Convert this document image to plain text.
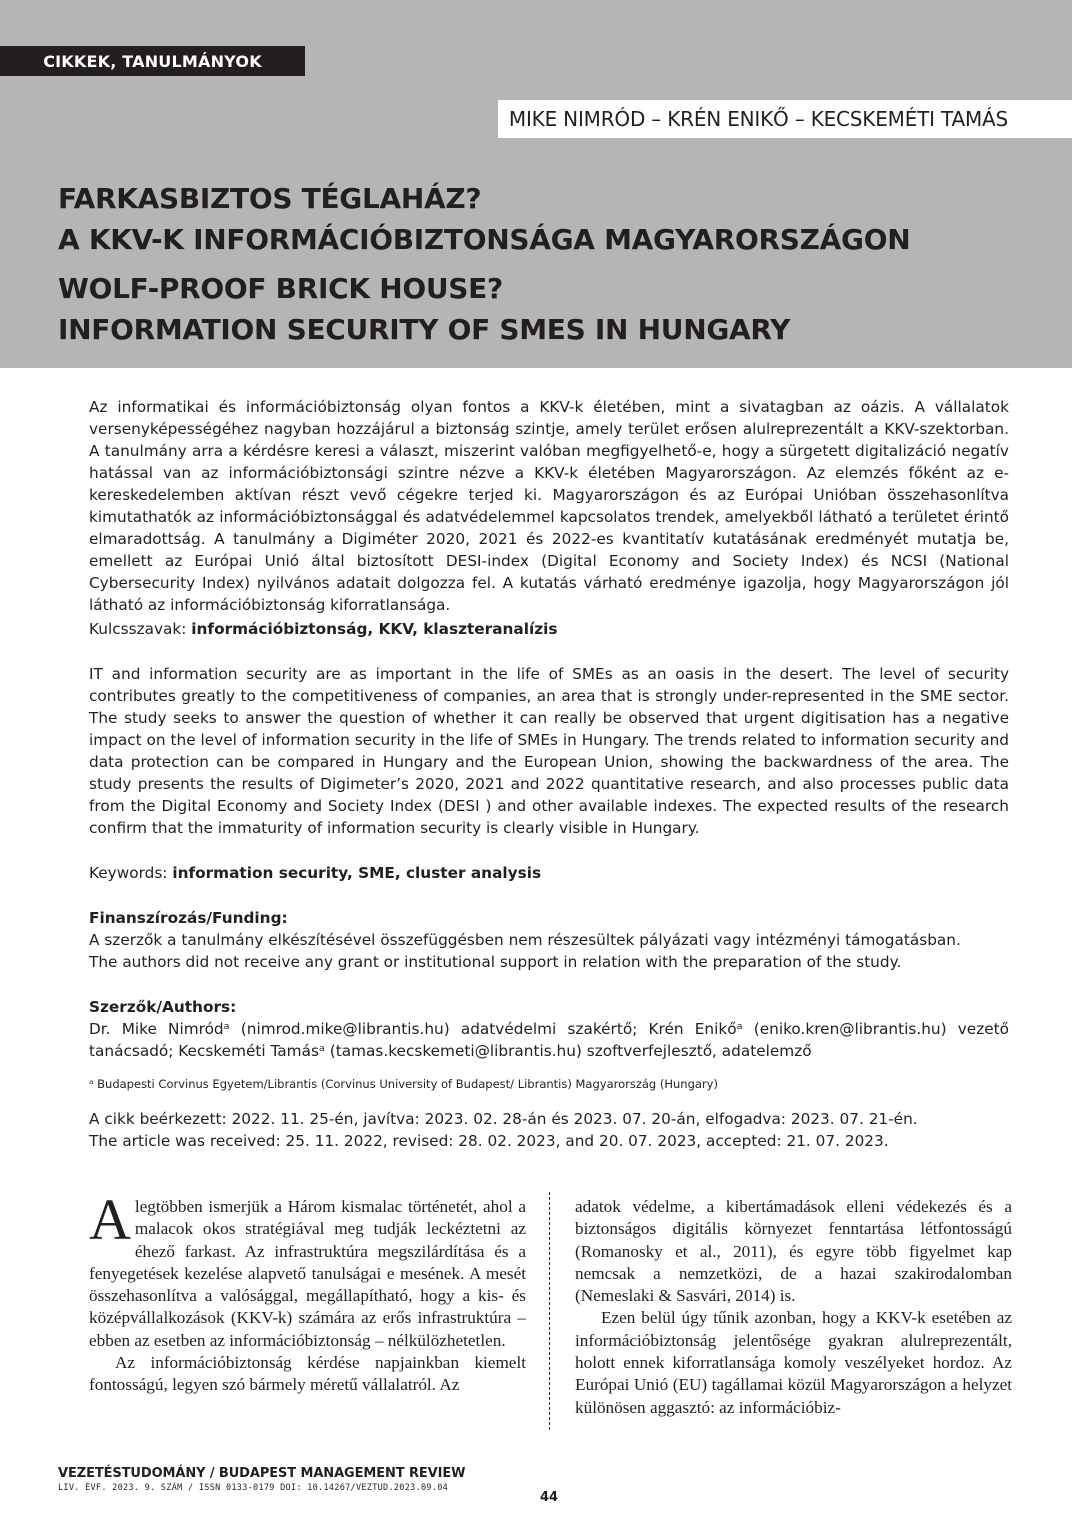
CIKKEK, TANULMÁNYOK
MIKE NIMRÓD – KRÉN ENIKŐ – KECSKEMÉTI TAMÁS
FARKASBIZTOS TÉGLAHÁZ?
A KKV-K INFORMÁCIÓBIZTONSÁGA MAGYARORSZÁGON
WOLF-PROOF BRICK HOUSE?
INFORMATION SECURITY OF SMES IN HUNGARY
Az informatikai és információbiztonság olyan fontos a KKV-k életében, mint a sivatagban az oázis. A vállalatok versenyképességéhez nagyban hozzájárul a biztonság szintje, amely terület erősen alulreprezentált a KKV-szektorban. A tanulmány arra a kérdésre keresi a választ, miszerint valóban megfigyelhető-e, hogy a sürgetett digitalizáció negatív hatással van az információbiztonsági szintre nézve a KKV-k életében Magyarországon. Az elemzés főként az e-kereskedelemben aktívan részt vevő cégekre terjed ki. Magyarországon és az Európai Unióban összehasonlítva kimutathatók az információbiztonsággal és adatvédelemmel kapcsolatos trendek, amelyekből látható a területet érintő elmaradottság. A tanulmány a Digiméter 2020, 2021 és 2022-es kvantitatív kutatásának eredményét mutatja be, emellett az Európai Unió által biztosított DESI-index (Digital Economy and Society Index) és NCSI (National Cybersecurity Index) nyilvános adatait dolgozza fel. A kutatás várható eredménye igazolja, hogy Magyarországon jól látható az információbiztonság kiforratlansága.
Kulcsszavak: információbiztonság, KKV, klaszteranalízis
IT and information security are as important in the life of SMEs as an oasis in the desert. The level of security contributes greatly to the competitiveness of companies, an area that is strongly under-represented in the SME sector. The study seeks to answer the question of whether it can really be observed that urgent digitisation has a negative impact on the level of information security in the life of SMEs in Hungary. The trends related to information security and data protection can be compared in Hungary and the European Union, showing the backwardness of the area. The study presents the results of Digimeter’s 2020, 2021 and 2022 quantitative research, and also processes public data from the Digital Economy and Society Index (DESI ) and other available indexes. The expected results of the research confirm that the immaturity of information security is clearly visible in Hungary.
Keywords: information security, SME, cluster analysis
Finanszírozás/Funding:
A szerzők a tanulmány elkészítésével összefüggésben nem részesültek pályázati vagy intézményi támogatásban.
The authors did not receive any grant or institutional support in relation with the preparation of the study.
Szerzők/Authors:
Dr. Mike Nimródᵃ (nimrod.mike@librantis.hu) adatvédelmi szakértő; Krén Enikőᵃ (eniko.kren@librantis.hu) vezető tanácsadó; Kecskeméti Tamásᵃ (tamas.kecskemeti@librantis.hu) szoftverfejlesztő, adatelemző
ᵃ Budapesti Corvinus Egyetem/Librantis (Corvinus University of Budapest/ Librantis) Magyarország (Hungary)
A cikk beérkezett: 2022. 11. 25-én, javítva: 2023. 02. 28-án és 2023. 07. 20-án, elfogadva: 2023. 07. 21-én.
The article was received: 25. 11. 2022, revised: 28. 02. 2023, and 20. 07. 2023, accepted: 21. 07. 2023.
Alegtöbben ismerjük a Három kismalac történetét, ahol a malacok okos stratégiával meg tudják leckéztetni az éhező farkast. Az infrastruktúra megszilárdítása és a fenyegetések kezelése alapvető tanulságai e mesének. A mesét összehasonlítva a valósággal, megállapítható, hogy a kis- és középvállalkozások (KKV-k) számára az erős infrastruktúra – ebben az esetben az információbiztonság – nélkülözhetetlen.
Az információbiztonság kérdése napjainkban kiemelt fontosságú, legyen szó bármely méretű vállalatról. Az
adatok védelme, a kibertámadások elleni védekezés és a biztonságos digitális környezet fenntartása létfontosságú (Romanosky et al., 2011), és egyre több figyelmet kap nemcsak a nemzetközi, de a hazai szakirodalomban (Nemeslaki & Sasvári, 2014) is.
Ezen belül úgy tűnik azonban, hogy a KKV-k esetében az információbiztonság jelentősége gyakran alulreprezentált, holott ennek kiforratlansága komoly veszélyeket hordoz. Az Európai Unió (EU) tagállamai közül Magyarországon a helyzet különösen aggasztó: az információbiz-
VEZETÉSTUDOMÁNY / BUDAPEST MANAGEMENT REVIEW
LIV. ÉVF. 2023. 9. SZÁM / ISSN 0133-0179 DOI: 10.14267/VEZTUD.2023.09.04
44
